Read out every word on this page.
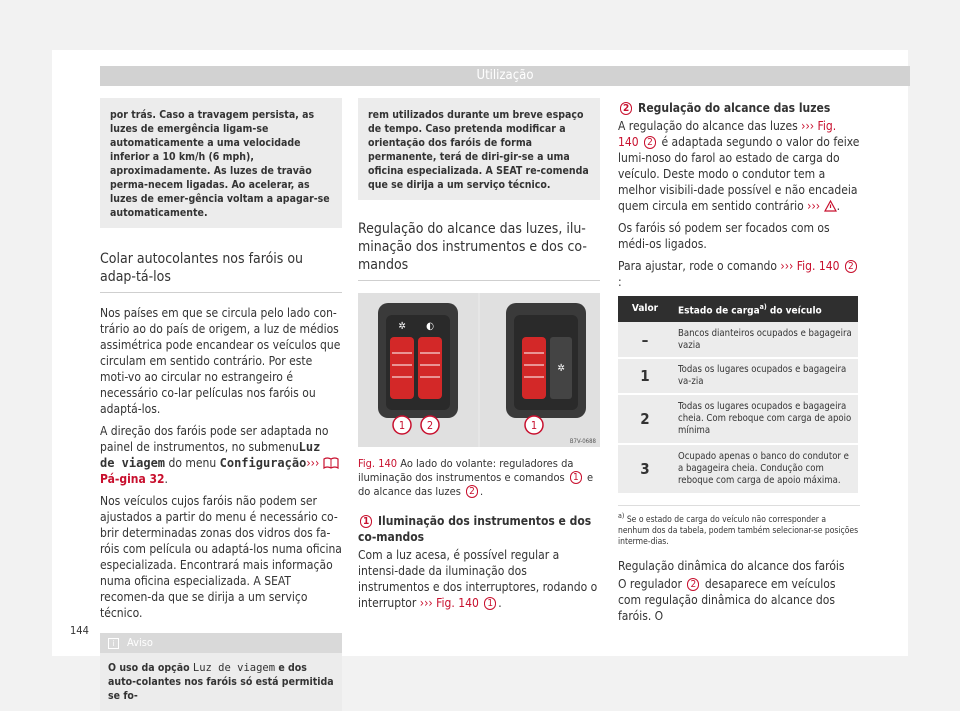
Utilização
por trás. Caso a travagem persista, as luzes de emergência ligam-se automaticamente a uma velocidade inferior a 10 km/h (6 mph), aproximadamente. As luzes de travão perma-necem ligadas. Ao acelerar, as luzes de emer-gência voltam a apagar-se automaticamente.
Colar autocolantes nos faróis ou adap-tá-los

Nos países em que se circula pelo lado con-trário ao do país de origem, a luz de médios assimétrica pode encandear os veículos que circulam em sentido contrário. Por este moti-vo ao circular no estrangeiro é necessário co-lar películas nos faróis ou adaptá-los.

A direção dos faróis pode ser adaptada no painel de instrumentos, no submenuLuz de viagem do menu Configuração›››  Pá-gina 32.

Nos veículos cujos faróis não podem ser ajustados a partir do menu é necessário co-brir determinadas zonas dos vidros dos fa-róis com película ou adaptá-los numa oficina especializada. Encontrará mais informação numa oficina especializada. A SEAT recomen-da que se dirija a um serviço técnico.

i Aviso
O uso da opção Luz de viagem e dos auto-colantes nos faróis só está permitida se fo-
rem utilizados durante um breve espaço de tempo. Caso pretenda modificar a orientação dos faróis de forma permanente, terá de diri-gir-se a uma oficina especializada. A SEAT re-comenda que se dirija a um serviço técnico.
Regulação do alcance das luzes, ilu-minação dos instrumentos e dos co-mandos
✲ ◐
✲
1 2	1
B7V-0688
Fig. 140 Ao lado do volante: reguladores da iluminação dos instrumentos e comandos 1 e do alcance das luzes 2 .
1 Iluminação dos instrumentos e dos co-mandos

Com a luz acesa, é possível regular a intensi-dade da iluminação dos instrumentos e dos interruptores, rodando o interruptor ››› Fig. 140 1 .

2 Regulação do alcance das luzes

A regulação do alcance das luzes ››› Fig. 140 2 é adaptada segundo o valor do feixe lumi-noso do farol ao estado de carga do veículo. Deste modo o condutor tem a melhor visibili-dade possível e não encadeia quem circula em sentido contrário ››› .

Os faróis só podem ser focados com os médi-os ligados.

Para ajustar, rode o comando ››› Fig. 140 2:

Valor	Estado de carga$^{a)}$ do veículo
–	Bancos dianteiros ocupados e bagageira vazia
1	Todas os lugares ocupados e bagageira va-zia
2	Todas os lugares ocupados e bagageira cheia. Com reboque com carga de apoio mínima
3	Ocupado apenas o banco do condutor e a bagageira cheia. Condução com reboque com carga de apoio máxima.
$^{a)}$ Se o estado de carga do veículo não corresponder a nenhum dos da tabela, podem também selecionar-se posições interme-dias.
Regulação dinâmica do alcance dos faróis

O regulador 2 desaparece em veículos com regulação dinâmica do alcance dos faróis. O

144
